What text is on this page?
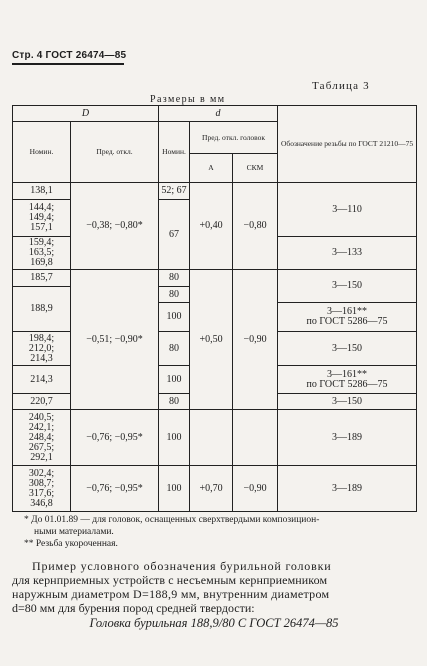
Стр. 4 ГОСТ 26474—85
Таблица 3
Размеры в мм
D		d			Обозначение резьбы по ГОСТ 21210—75
Номин.	Пред. откл.	Номин.	Пред. откл. головок		
			А	СКМ	
138,1	−0,38; −0,80*	52; 67	+0,40	−0,80	3—110
144,4;
149,4;
157,1		67			
159,4;
163,5;
169,8					3—133
185,7	−0,51; −0,90*	80	+0,50	−0,90	3—150
188,9		80			
		100			3—161**
по ГОСТ 5286—75
198,4;
212,0;
214,3		80			3—150
214,3		100			3—161**
по ГОСТ 5286—75
220,7		80			3—150
240,5;
242,1;
248,4;
267,5;
292,1	−0,76; −0,95*	100			3—189
302,4;
308,7;
317,6;
346,8	−0,76; −0,95*	100	+0,70	−0,90	3—189
* До 01.01.89 — для головок, оснащенных сверхтвердыми композицион-
ными материалами.
** Резьба укороченная.
Пример условного обозначения бурильной головки
для кернприемных устройств с несъемным кернприемником
наружным диаметром D=188,9 мм, внутренним диаметром
d=80 мм для бурения пород средней твердости:
Головка бурильная 188,9/80 С ГОСТ 26474—85
